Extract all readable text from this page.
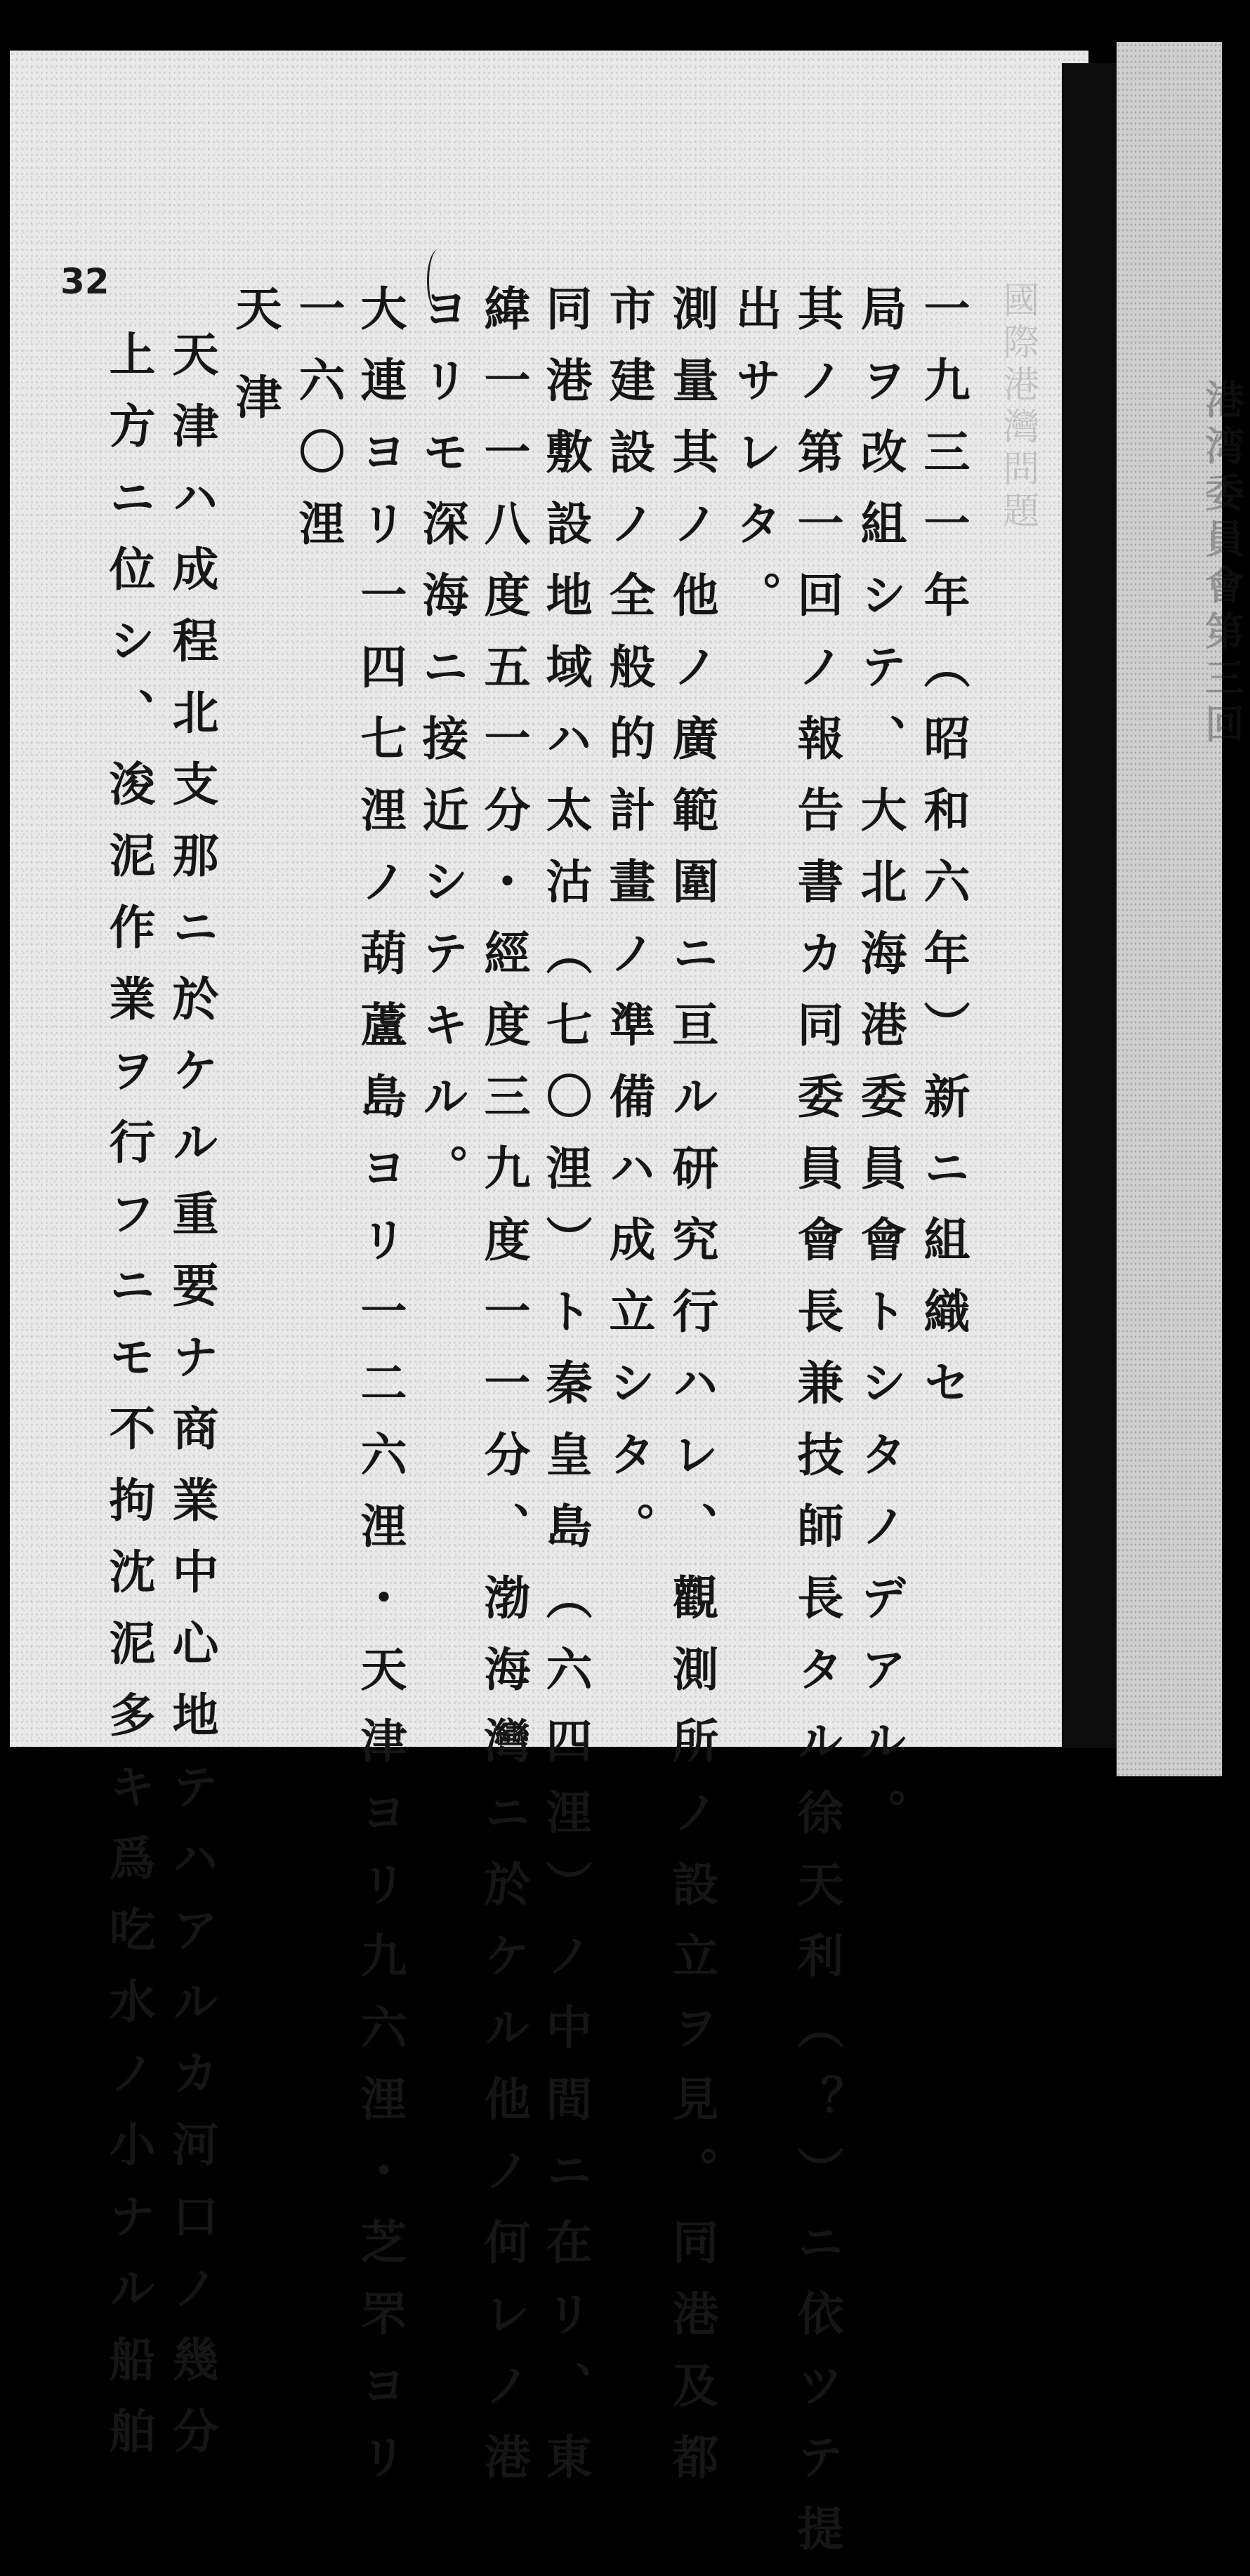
港湾委員會第三回
國際港灣問題
32
一九三一年（昭和六年）新ニ組織セ
局ヲ改組シテ、大北海港委員會トシタノデアル。
其ノ第一回ノ報告書カ同委員會長兼技師長タル徐天利（？）ニ依ツテ提
出サレタ。
測量其ノ他ノ廣範圍ニ亘ル研究行ハレ、觀測所ノ設立ヲ見。同港及都
市建設ノ全般的計畫ノ準備ハ成立シタ。
同港敷設地域ハ太沽（七〇浬）ト秦皇島（六四浬）ノ中間ニ在リ、東
緯一一八度五一分・經度三九度一一分、渤海灣ニ於ケル他ノ何レノ港
ヨリモ深海ニ接近シテキル。
大連ヨリ一四七浬ノ葫蘆島ヨリ一二六浬・天津ヨリ九六浬・芝罘ヨリ
一六〇浬
天津
天津ハ成程北支那ニ於ケル重要ナ商業中心地テハアルカ河口ノ幾分
上方ニ位シ、浚泥作業ヲ行フニモ不拘沈泥多キ爲吃水ノ小ナル船舶
